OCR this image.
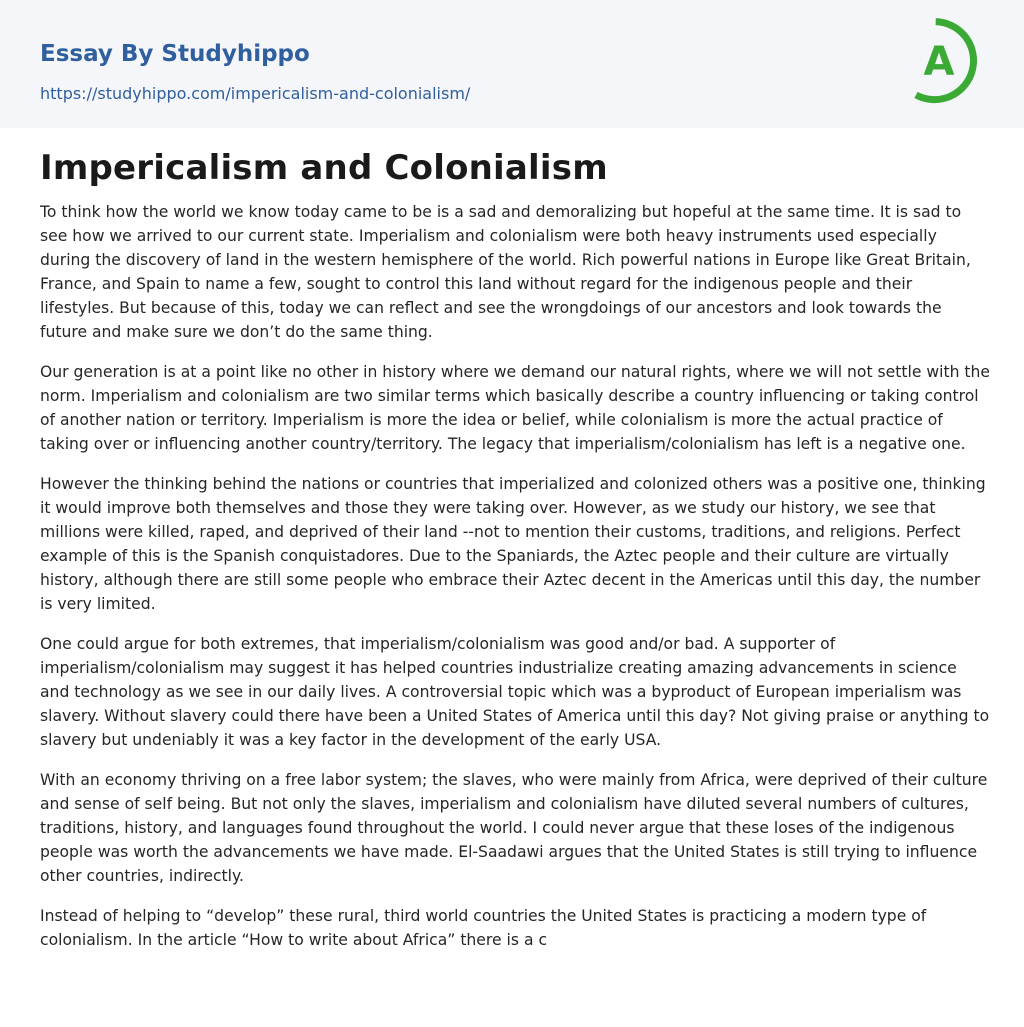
Essay By Studyhippo
https://studyhippo.com/impericalism-and-colonialism/
A
Impericalism and Colonialism

To think how the world we know today came to be is a sad and demoralizing but hopeful at the same time. It is sad to see how we arrived to our current state. Imperialism and colonialism were both heavy instruments used especially during the discovery of land in the western hemisphere of the world. Rich powerful nations in Europe like Great Britain, France, and Spain to name a few, sought to control this land without regard for the indigenous people and their lifestyles. But because of this, today we can reflect and see the wrongdoings of our ancestors and look towards the future and make sure we don’t do the same thing.

Our generation is at a point like no other in history where we demand our natural rights, where we will not settle with the norm. Imperialism and colonialism are two similar terms which basically describe a country influencing or taking control of another nation or territory. Imperialism is more the idea or belief, while colonialism is more the actual practice of taking over or influencing another country/territory. The legacy that imperialism/colonialism has left is a negative one.

However the thinking behind the nations or countries that imperialized and colonized others was a positive one, thinking it would improve both themselves and those they were taking over. However, as we study our history, we see that millions were killed, raped, and deprived of their land --not to mention their customs, traditions, and religions. Perfect example of this is the Spanish conquistadores. Due to the Spaniards, the Aztec people and their culture are virtually history, although there are still some people who embrace their Aztec decent in the Americas until this day, the number is very limited.

One could argue for both extremes, that imperialism/colonialism was good and/or bad. A supporter of imperialism/colonialism may suggest it has helped countries industrialize creating amazing advancements in science and technology as we see in our daily lives. A controversial topic which was a byproduct of European imperialism was slavery. Without slavery could there have been a United States of America until this day? Not giving praise or anything to slavery but undeniably it was a key factor in the development of the early USA.

With an economy thriving on a free labor system; the slaves, who were mainly from Africa, were deprived of their culture and sense of self being. But not only the slaves, imperialism and colonialism have diluted several numbers of cultures, traditions, history, and languages found throughout the world. I could never argue that these loses of the indigenous people was worth the advancements we have made. El-Saadawi argues that the United States is still trying to influence other countries, indirectly.

Instead of helping to “develop” these rural, third world countries the United States is practicing a modern type of colonialism. In the article “How to write about Africa” there is a c
